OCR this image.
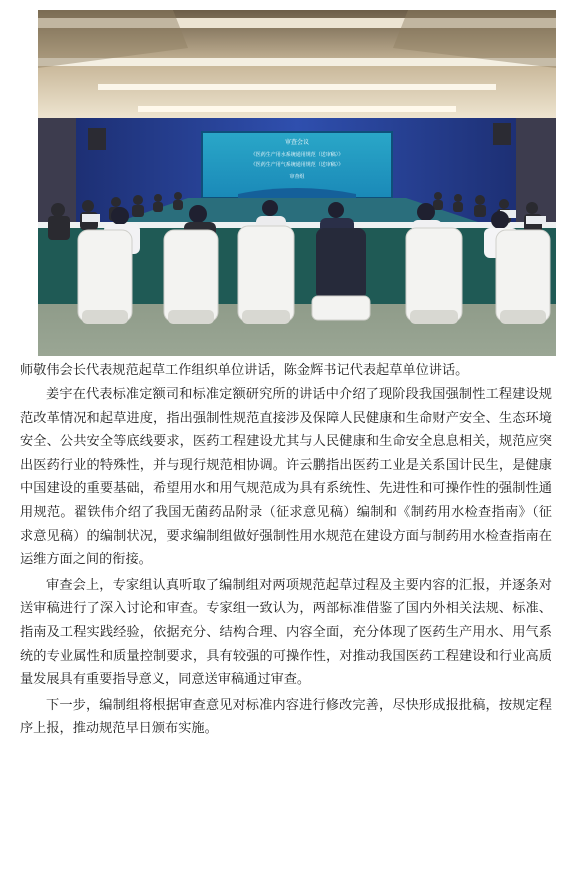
审查会议
《医药生产用水系统通用规范（送审稿）》
《医药生产用气系统通用规范（送审稿）》
审查组
师敬伟会长代表规范起草工作组织单位讲话，陈金辉书记代表起草单位讲话。

姜宇在代表标准定额司和标准定额研究所的讲话中介绍了现阶段我国强制性工程建设规范改革情况和起草进度，指出强制性规范直接涉及保障人民健康和生命财产安全、生态环境安全、公共安全等底线要求，医药工程建设尤其与人民健康和生命安全息息相关，规范应突出医药行业的特殊性，并与现行规范相协调。许云鹏指出医药工业是关系国计民生，是健康中国建设的重要基础，希望用水和用气规范成为具有系统性、先进性和可操作性的强制性通用规范。翟铁伟介绍了我国无菌药品附录（征求意见稿）编制和《制药用水检查指南》（征求意见稿）的编制状况，要求编制组做好强制性用水规范在建设方面与制药用水检查指南在运维方面之间的衔接。

审查会上，专家组认真听取了编制组对两项规范起草过程及主要内容的汇报，并逐条对送审稿进行了深入讨论和审查。专家组一致认为，两部标准借鉴了国内外相关法规、标准、指南及工程实践经验，依据充分、结构合理、内容全面，充分体现了医药生产用水、用气系统的专业属性和质量控制要求，具有较强的可操作性，对推动我国医药工程建设和行业高质量发展具有重要指导意义，同意送审稿通过审查。

下一步，编制组将根据审查意见对标准内容进行修改完善，尽快形成报批稿，按规定程序上报，推动规范早日颁布实施。
